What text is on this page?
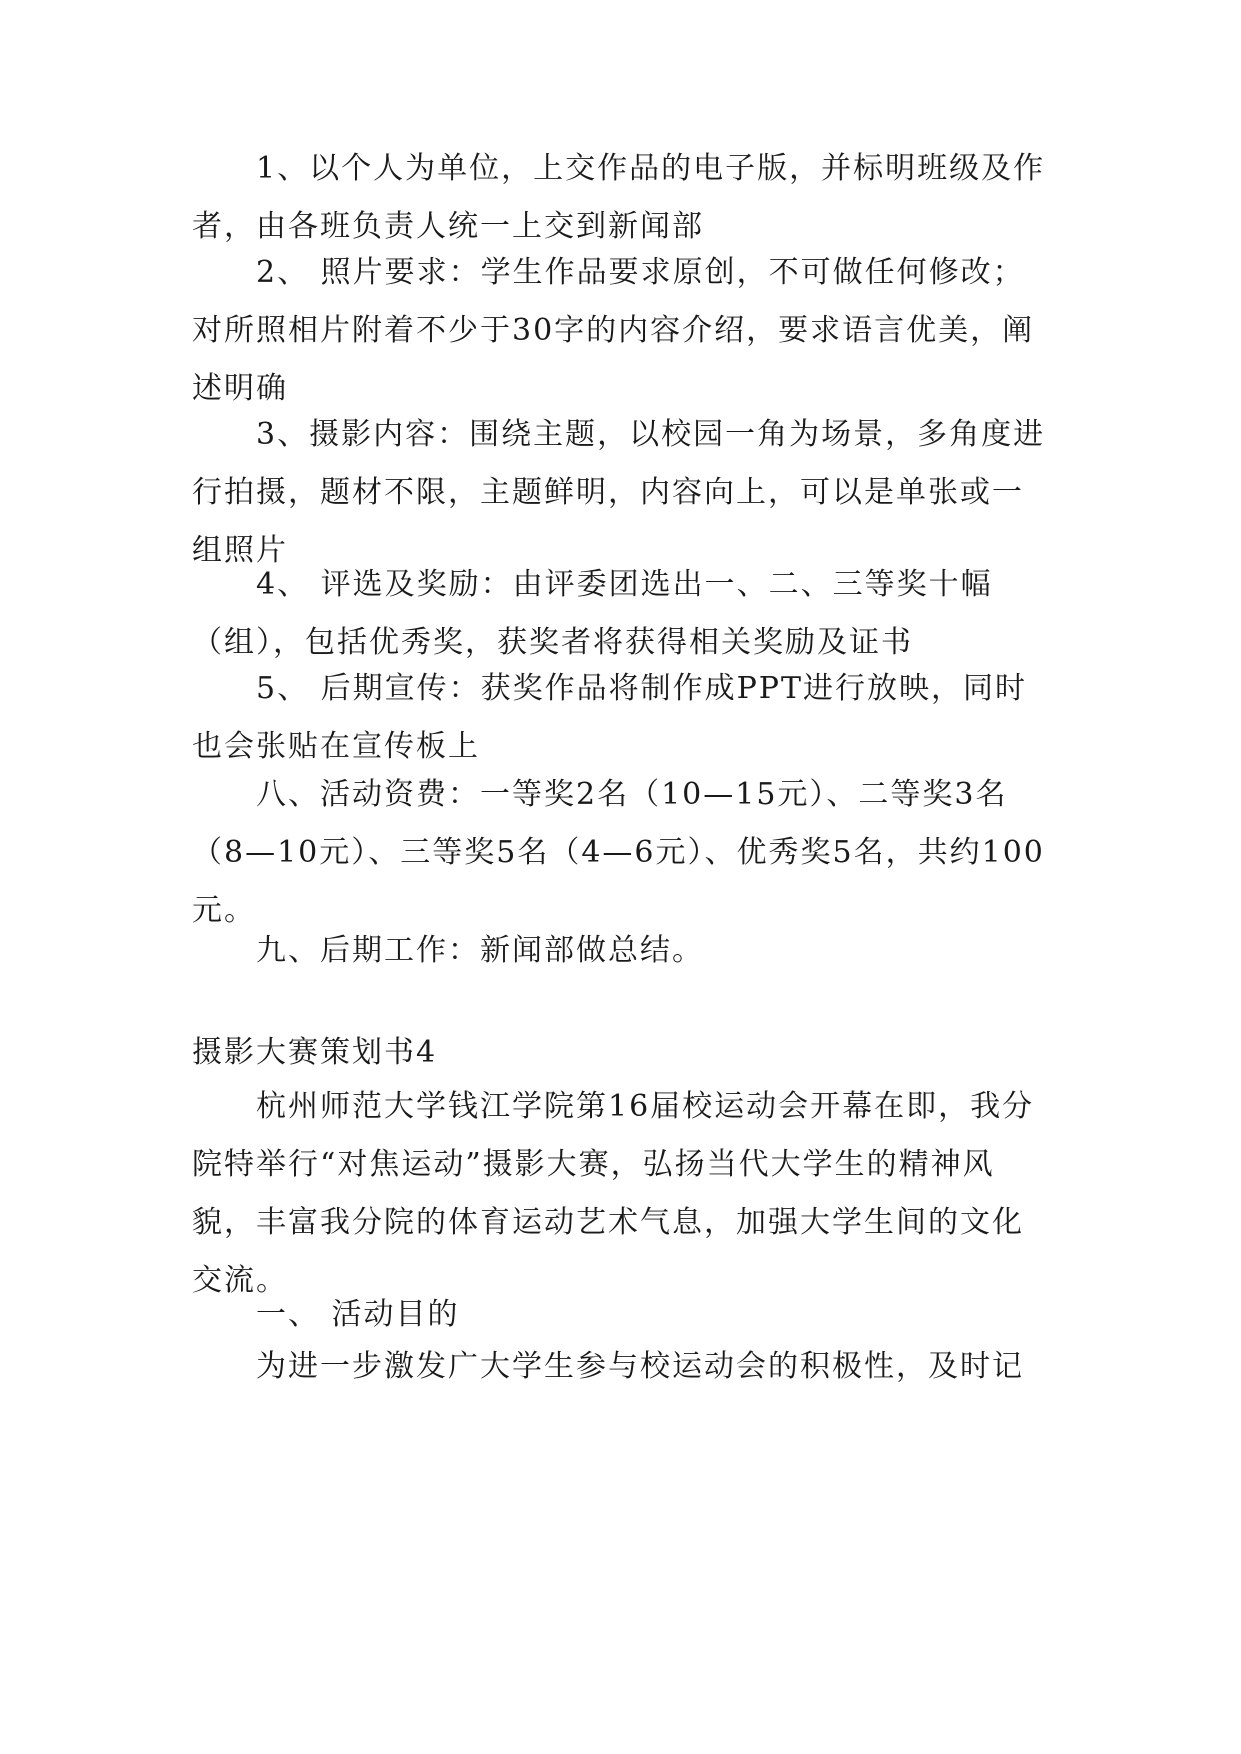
1、以个人为单位，上交作品的电子版，并标明班级及作者，由各班负责人统一上交到新闻部

2、 照片要求：学生作品要求原创，不可做任何修改；对所照相片附着不少于30字的内容介绍，要求语言优美，阐述明确

3、摄影内容：围绕主题，以校园一角为场景，多角度进行拍摄，题材不限，主题鲜明，内容向上，可以是单张或一组照片

4、 评选及奖励：由评委团选出一、二、三等奖十幅（组），包括优秀奖，获奖者将获得相关奖励及证书

5、 后期宣传：获奖作品将制作成PPT进行放映，同时也会张贴在宣传板上

八、活动资费：一等奖2名（10—15元）、二等奖3名（8—10元）、三等奖5名（4—6元）、优秀奖5名，共约100元。

九、后期工作：新闻部做总结。

摄影大赛策划书4

杭州师范大学钱江学院第16届校运动会开幕在即，我分院特举行“对焦运动”摄影大赛，弘扬当代大学生的精神风貌，丰富我分院的体育运动艺术气息，加强大学生间的文化交流。

一、 活动目的

为进一步激发广大学生参与校运动会的积极性，及时记
